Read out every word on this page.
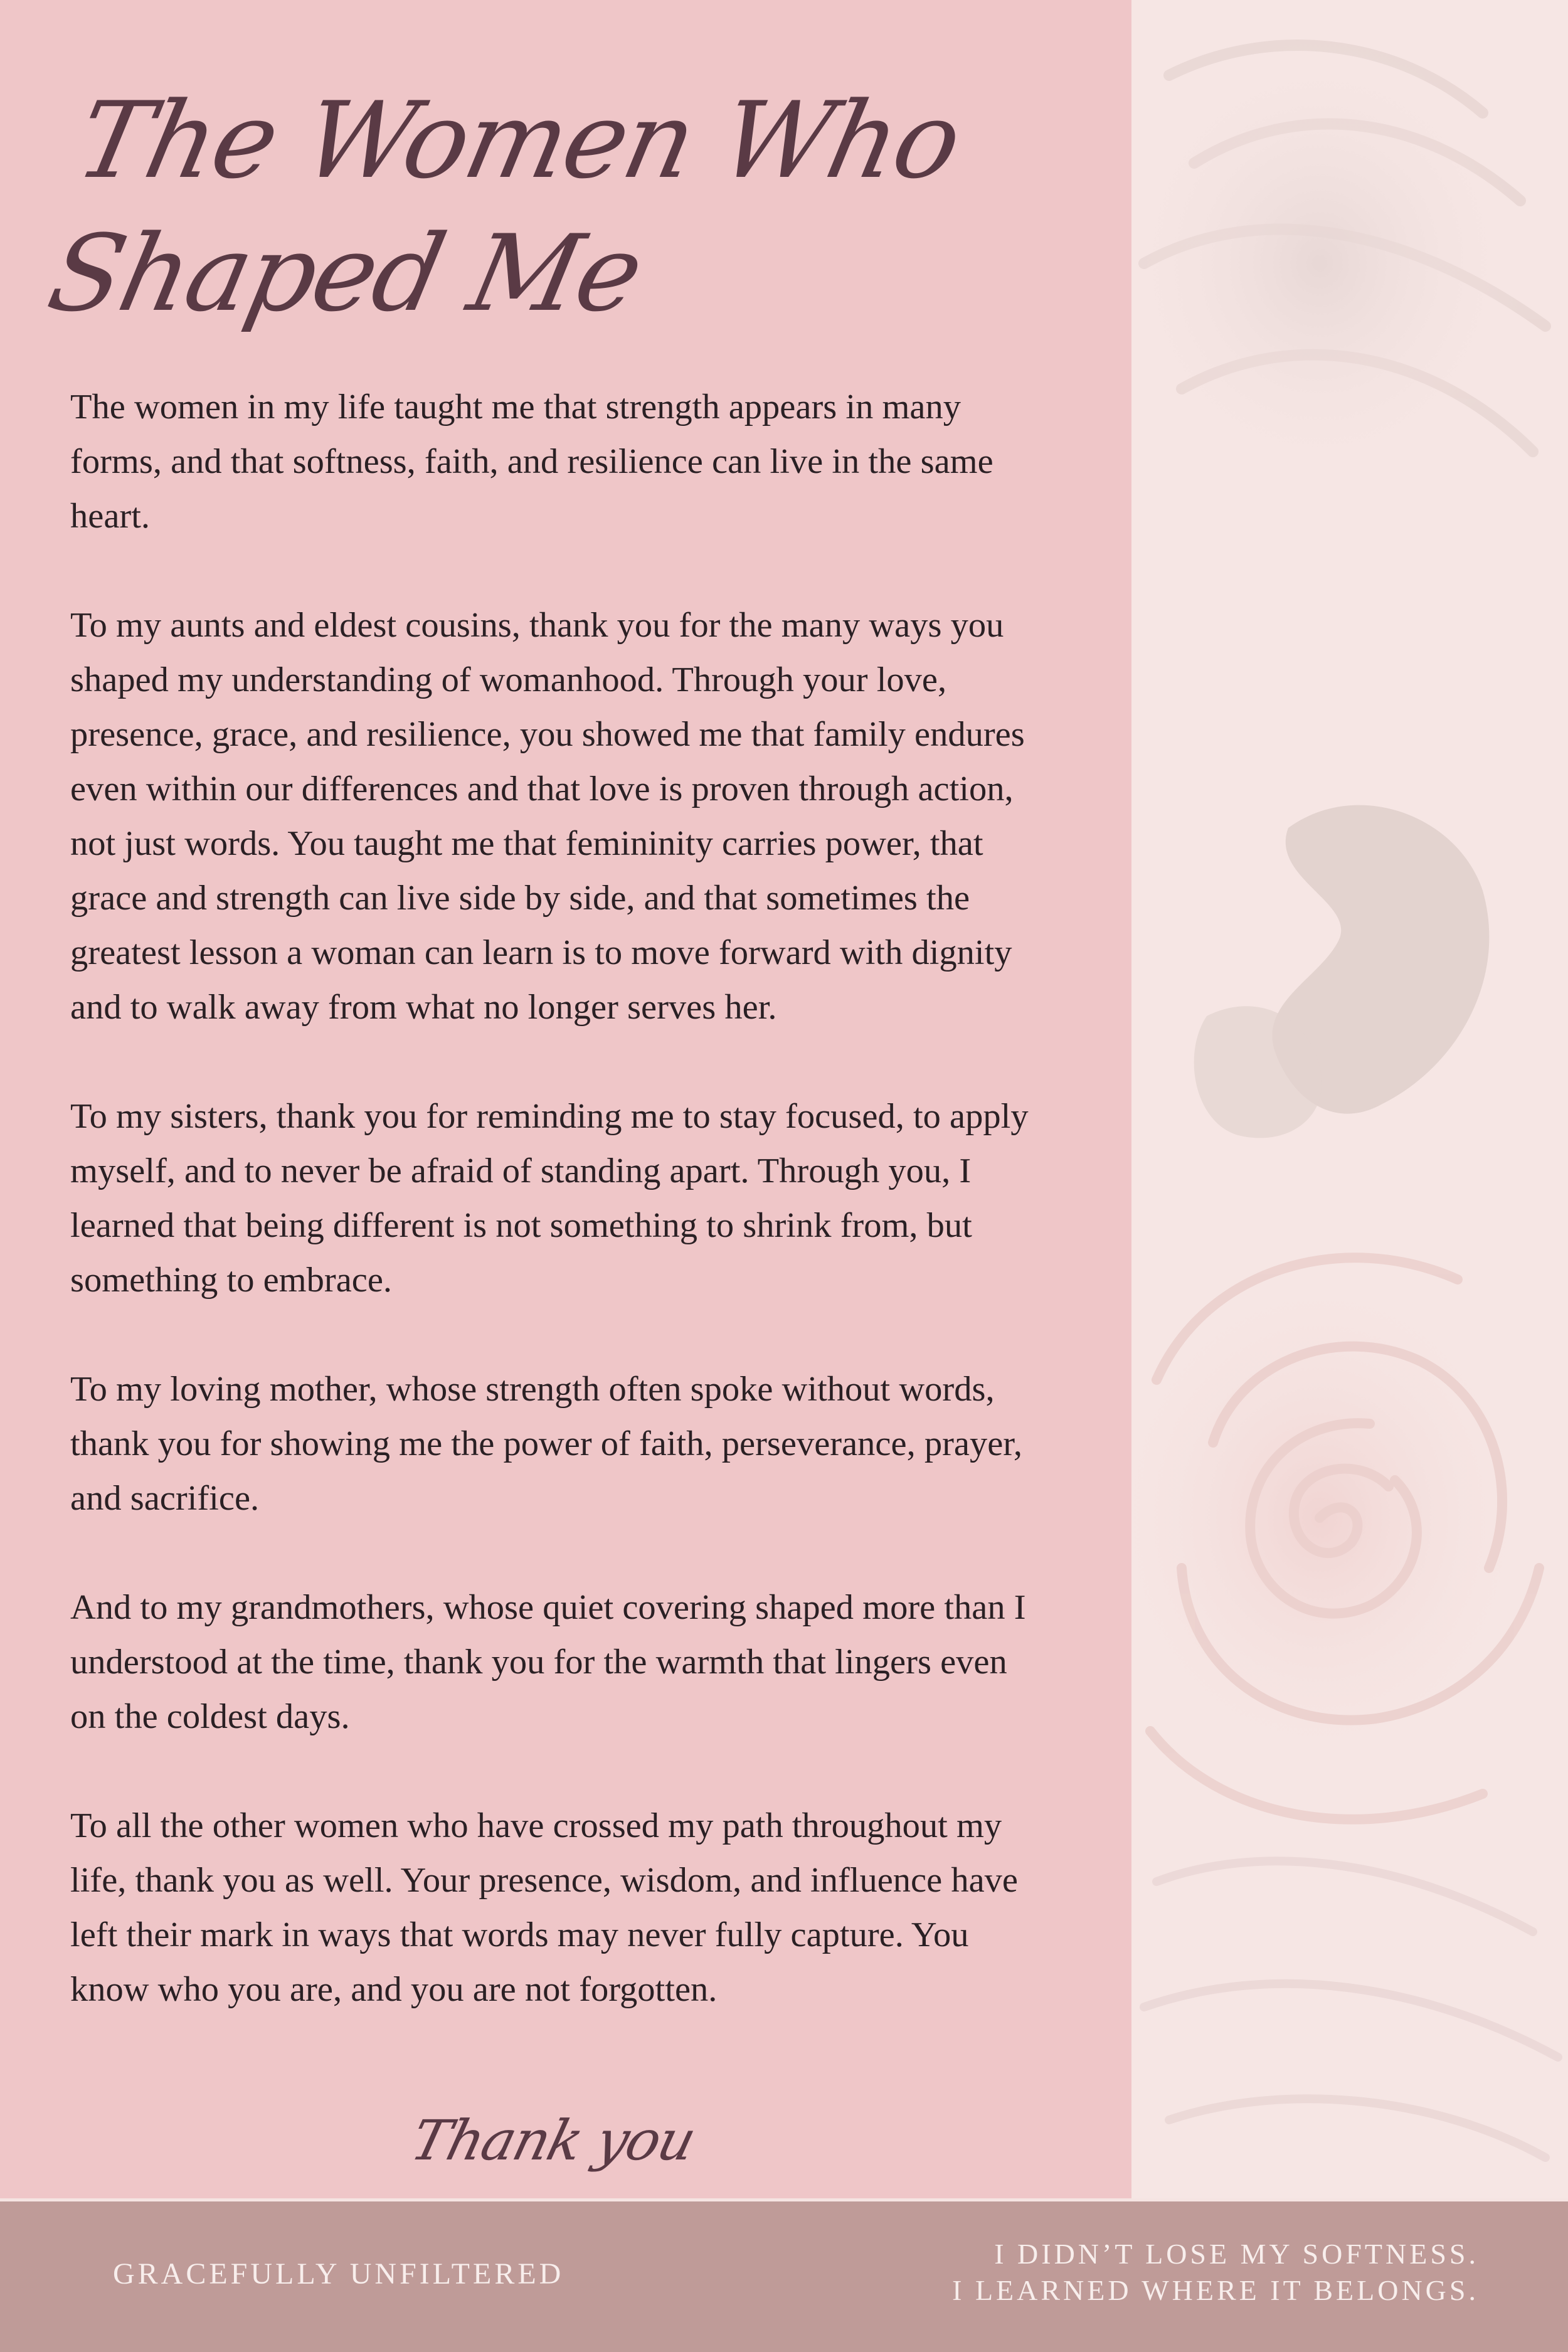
The Women Who
Shaped Me

The women in my life taught me that strength appears in many forms, and that softness, faith, and resilience can live in the same heart.

To my aunts and eldest cousins, thank you for the many ways you shaped my understanding of womanhood. Through your love, presence, grace, and resilience, you showed me that family endures even within our differences and that love is proven through action, not just words. You taught me that femininity carries power, that grace and strength can live side by side, and that sometimes the greatest lesson a woman can learn is to move forward with dignity and to walk away from what no longer serves her.

To my sisters, thank you for reminding me to stay focused, to apply myself, and to never be afraid of standing apart. Through you, I learned that being different is not something to shrink from, but something to embrace.

To my loving mother, whose strength often spoke without words, thank you for showing me the power of faith, perseverance, prayer, and sacrifice.

And to my grandmothers, whose quiet covering shaped more than I understood at the time, thank you for the warmth that lingers even on the coldest days.

To all the other women who have crossed my path throughout my life, thank you as well. Your presence, wisdom, and influence have left their mark in ways that words may never fully capture. You know who you are, and you are not forgotten.

Thank you
GRACEFULLY UNFILTERED
I DIDN’T LOSE MY SOFTNESS.
I LEARNED WHERE IT BELONGS.
